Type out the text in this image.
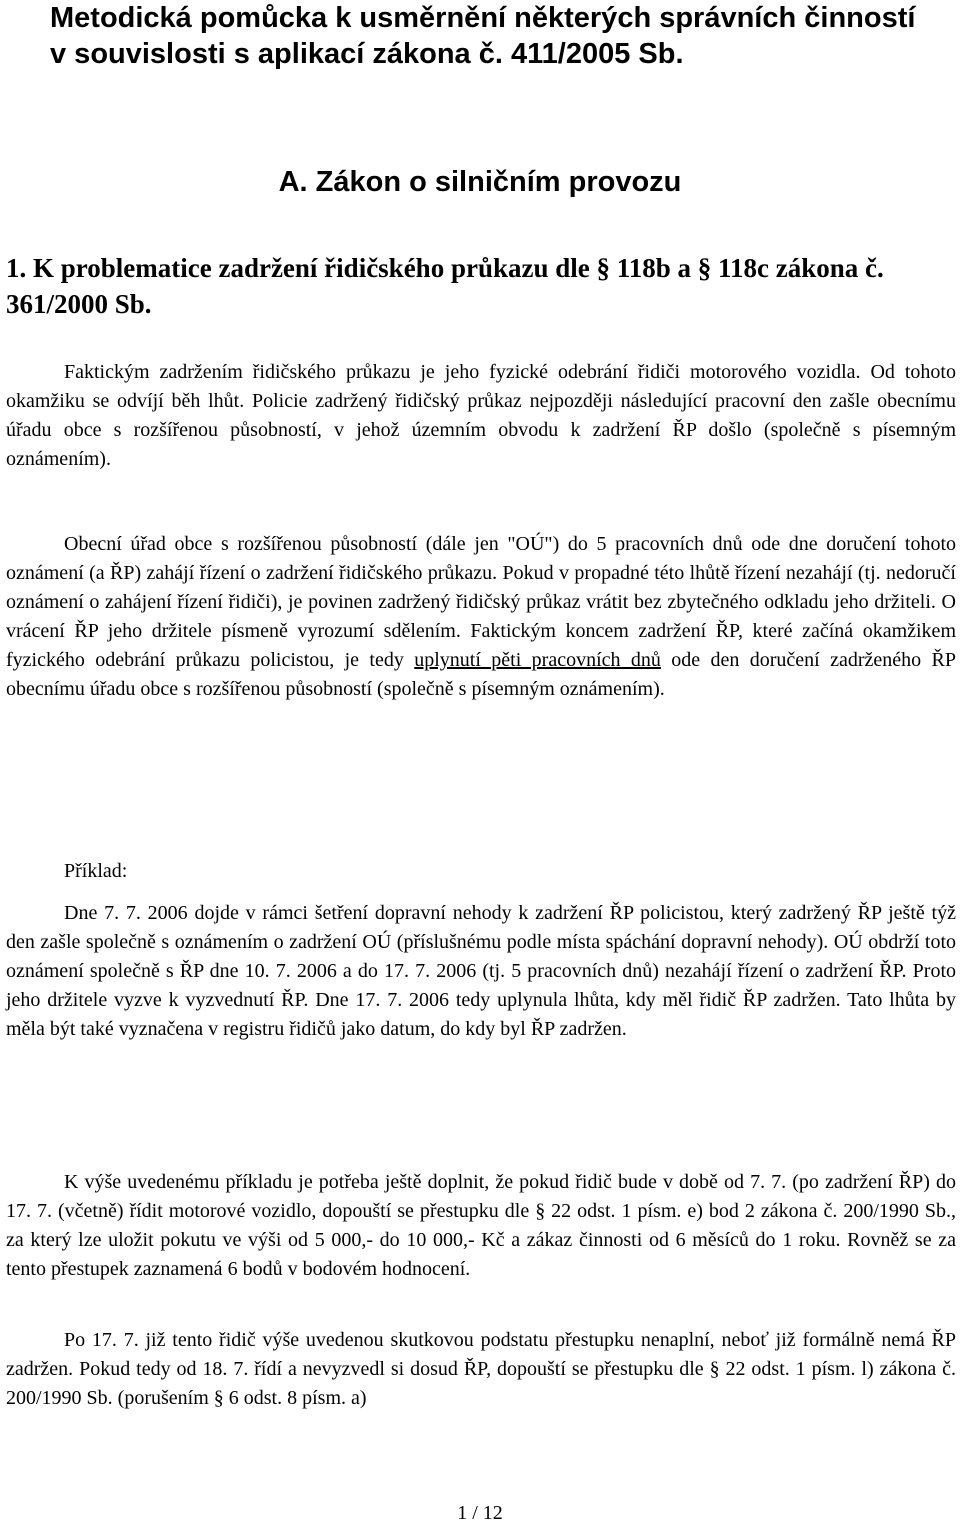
Metodická pomůcka k usměrnění některých správních činností v souvislosti s aplikací zákona č. 411/2005 Sb.
A. Zákon o silničním provozu
1. K problematice zadržení řidičského průkazu dle § 118b a § 118c zákona č. 361/2000 Sb.

Faktickým zadržením řidičského průkazu je jeho fyzické odebrání řidiči motorového vozidla. Od tohoto okamžiku se odvíjí běh lhůt. Policie zadržený řidičský průkaz nejpozději následující pracovní den zašle obecnímu úřadu obce s rozšířenou působností, v jehož územním obvodu k zadržení ŘP došlo (společně s písemným oznámením).

Obecní úřad obce s rozšířenou působností (dále jen "OÚ") do 5 pracovních dnů ode dne doručení tohoto oznámení (a ŘP) zahájí řízení o zadržení řidičského průkazu. Pokud v propadné této lhůtě řízení nezahájí (tj. nedoručí oznámení o zahájení řízení řidiči), je povinen zadržený řidičský průkaz vrátit bez zbytečného odkladu jeho držiteli. O vrácení ŘP jeho držitele písmeně vyrozumí sdělením. Faktickým koncem zadržení ŘP, které začíná okamžikem fyzického odebrání průkazu policistou, je tedy uplynutí pěti pracovních dnů ode den doručení zadrženého ŘP obecnímu úřadu obce s rozšířenou působností (společně s písemným oznámením).

Příklad:

Dne 7. 7. 2006 dojde v rámci šetření dopravní nehody k zadržení ŘP policistou, který zadržený ŘP ještě týž den zašle společně s oznámením o zadržení OÚ (příslušnému podle místa spáchání dopravní nehody). OÚ obdrží toto oznámení společně s ŘP dne 10. 7. 2006 a do 17. 7. 2006 (tj. 5 pracovních dnů) nezahájí řízení o zadržení ŘP. Proto jeho držitele vyzve k vyzvednutí ŘP. Dne 17. 7. 2006 tedy uplynula lhůta, kdy měl řidič ŘP zadržen. Tato lhůta by měla být také vyznačena v registru řidičů jako datum, do kdy byl ŘP zadržen.

K výše uvedenému příkladu je potřeba ještě doplnit, že pokud řidič bude v době od 7. 7. (po zadržení ŘP) do 17. 7. (včetně) řídit motorové vozidlo, dopouští se přestupku dle § 22 odst. 1 písm. e) bod 2 zákona č. 200/1990 Sb., za který lze uložit pokutu ve výši od 5 000,- do 10 000,- Kč a zákaz činnosti od 6 měsíců do 1 roku. Rovněž se za tento přestupek zaznamená 6 bodů v bodovém hodnocení.

Po 17. 7. již tento řidič výše uvedenou skutkovou podstatu přestupku nenaplní, neboť již formálně nemá ŘP zadržen. Pokud tedy od 18. 7. řídí a nevyzvedl si dosud ŘP, dopouští se přestupku dle § 22 odst. 1 písm. l) zákona č. 200/1990 Sb. (porušením § 6 odst. 8 písm. a)

1 / 12
